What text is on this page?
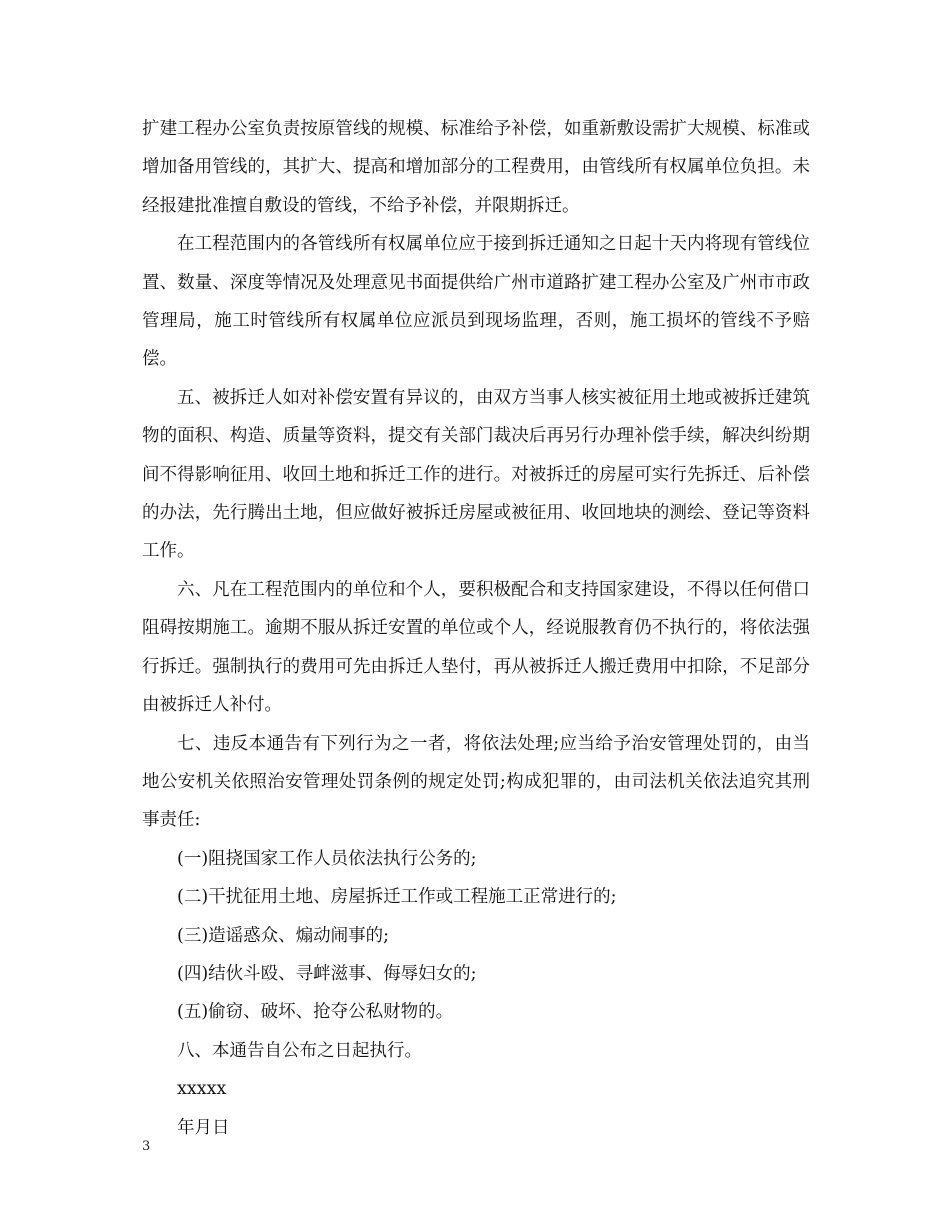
扩建工程办公室负责按原管线的规模、标准给予补偿，如重新敷设需扩大规模、标准或增加备用管线的，其扩大、提高和增加部分的工程费用，由管线所有权属单位负担。未经报建批准擅自敷设的管线，不给予补偿，并限期拆迁。

在工程范围内的各管线所有权属单位应于接到拆迁通知之日起十天内将现有管线位置、数量、深度等情况及处理意见书面提供给广州市道路扩建工程办公室及广州市市政管理局，施工时管线所有权属单位应派员到现场监理，否则，施工损坏的管线不予赔偿。

五、被拆迁人如对补偿安置有异议的，由双方当事人核实被征用土地或被拆迁建筑物的面积、构造、质量等资料，提交有关部门裁决后再另行办理补偿手续，解决纠纷期间不得影响征用、收回土地和拆迁工作的进行。对被拆迁的房屋可实行先拆迁、后补偿的办法，先行腾出土地，但应做好被拆迁房屋或被征用、收回地块的测绘、登记等资料工作。

六、凡在工程范围内的单位和个人，要积极配合和支持国家建设，不得以任何借口阻碍按期施工。逾期不服从拆迁安置的单位或个人，经说服教育仍不执行的，将依法强行拆迁。强制执行的费用可先由拆迁人垫付，再从被拆迁人搬迁费用中扣除，不足部分由被拆迁人补付。

七、违反本通告有下列行为之一者，将依法处理;应当给予治安管理处罚的，由当地公安机关依照治安管理处罚条例的规定处罚;构成犯罪的，由司法机关依法追究其刑事责任:

(一)阻挠国家工作人员依法执行公务的;

(二)干扰征用土地、房屋拆迁工作或工程施工正常进行的;

(三)造谣惑众、煽动闹事的;

(四)结伙斗殴、寻衅滋事、侮辱妇女的;

(五)偷窃、破坏、抢夺公私财物的。

八、本通告自公布之日起执行。

xxxxx

年月日

3
